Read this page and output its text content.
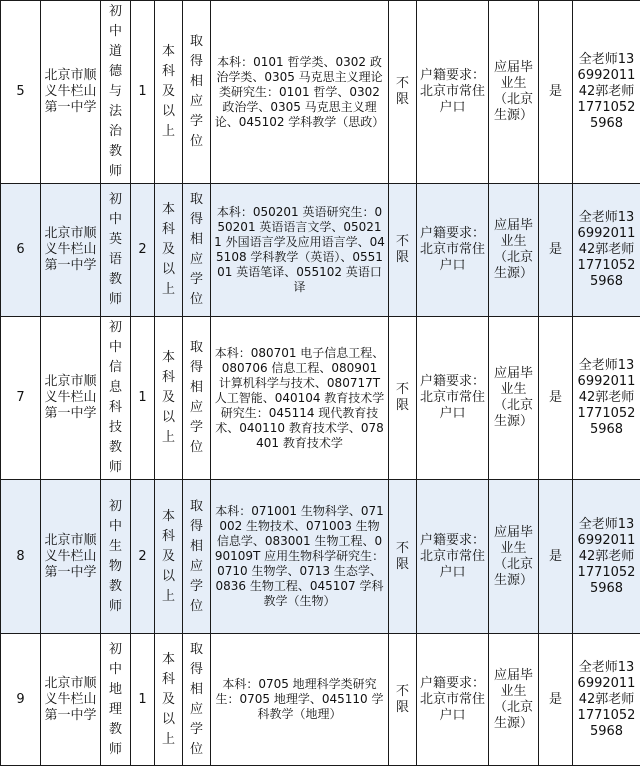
5	北京市顺义牛栏山第一中学	初中道德与法治教师	1	本科及以上	取得相应学位	本科：0101 哲学类、0302 政治学类、0305 马克思主义理论类研究生：0101 哲学、0302 政治学、0305 马克思主义理论、045102 学科教学（思政）	不限	户籍要求：北京市常住户口	应届毕业生（北京生源）	是	全老师13699201142郭老师17710525968
6	北京市顺义牛栏山第一中学	初中英语教师	2	本科及以上	取得相应学位	本科：050201 英语研究生：050201 英语语言文学、050211 外国语言学及应用语言学、045108 学科教学（英语）、055101 英语笔译、055102 英语口译	不限	户籍要求：北京市常住户口	应届毕业生（北京生源）	是	全老师13699201142郭老师17710525968
7	北京市顺义牛栏山第一中学	初中信息科技教师	1	本科及以上	取得相应学位	本科：080701 电子信息工程、080706 信息工程、080901 计算机科学与技术、080717T 人工智能、040104 教育技术学研究生：045114 现代教育技术、040110 教育技术学、078401 教育技术学	不限	户籍要求：北京市常住户口	应届毕业生（北京生源）	是	全老师13699201142郭老师17710525968
8	北京市顺义牛栏山第一中学	初中生物教师	2	本科及以上	取得相应学位	本科：071001 生物科学、071002 生物技术、071003 生物信息学、083001 生物工程、090109T 应用生物科学研究生：0710 生物学、0713 生态学、0836 生物工程、045107 学科教学（生物）	不限	户籍要求：北京市常住户口	应届毕业生（北京生源）	是	全老师13699201142郭老师17710525968
9	北京市顺义牛栏山第一中学	初中地理教师	1	本科及以上	取得相应学位	本科：0705 地理科学类研究生：0705 地理学、045110 学科教学（地理）	不限	户籍要求：北京市常住户口	应届毕业生（北京生源）	是	全老师13699201142郭老师17710525968
